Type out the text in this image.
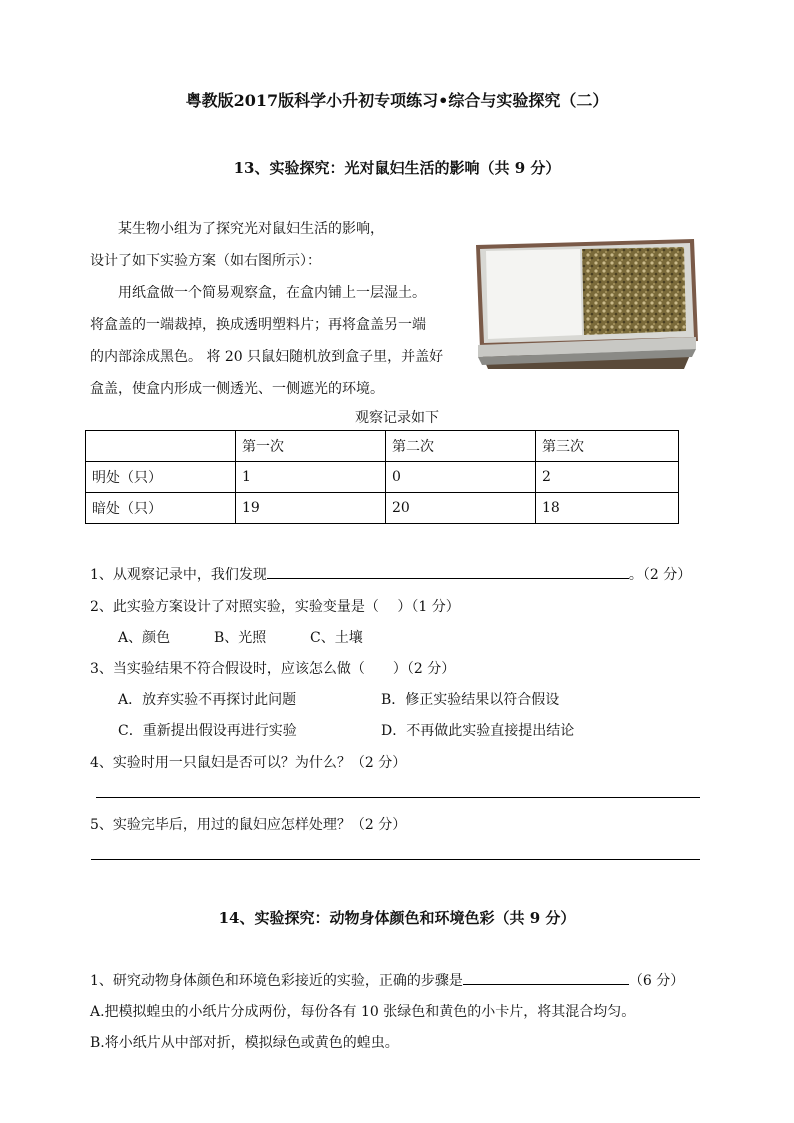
粤教版2017版科学小升初专项练习•综合与实验探究（二）
13、实验探究：光对鼠妇生活的影响（共 9 分）
某生物小组为了探究光对鼠妇生活的影响，
设计了如下实验方案（如右图所示）：
用纸盒做一个简易观察盒，在盒内铺上一层湿土。
将盒盖的一端裁掉，换成透明塑料片；再将盒盖另一端
的内部涂成黑色。 将 20 只鼠妇随机放到盒子里，并盖好
盒盖，使盒内形成一侧透光、一侧遮光的环境。
观察记录如下
	第一次	第二次	第三次
明处（只）	1	0	2
暗处（只）	19	20	18
1、从观察记录中，我们发现	。（2 分）
2、此实验方案设计了对照实验，实验变量是（　 ）（1 分）
A、颜色	B、光照	C、土壤
3、当实验结果不符合假设时，应该怎么做（　　）（2 分）
A．放弃实验不再探讨此问题	B．修正实验结果以符合假设
C．重新提出假设再进行实验	D．不再做此实验直接提出结论
4、实验时用一只鼠妇是否可以？为什么？（2 分）
5、实验完毕后，用过的鼠妇应怎样处理？（2 分）
14、实验探究：动物身体颜色和环境色彩（共 9 分）
1、研究动物身体颜色和环境色彩接近的实验，正确的步骤是	（6 分）
A.把模拟蝗虫的小纸片分成两份，每份各有 10 张绿色和黄色的小卡片，将其混合均匀。
B.将小纸片从中部对折，模拟绿色或黄色的蝗虫。
